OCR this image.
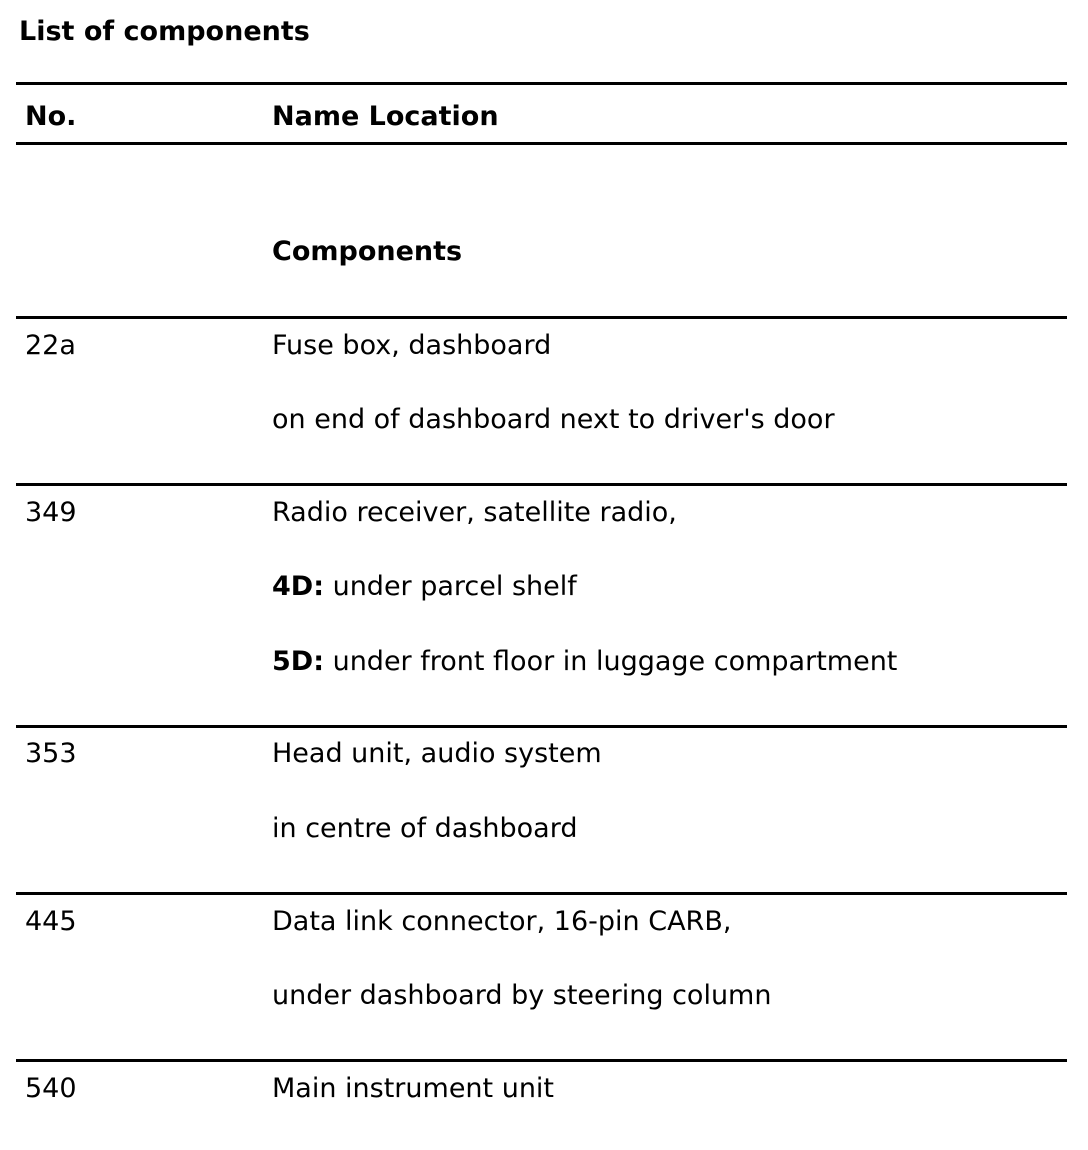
List of components
No.	Name Location
Components
22a	Fuse box, dashboard
on end of dashboard next to driver's door
349	Radio receiver, satellite radio,
4D: under parcel shelf
5D: under front floor in luggage compartment
353	Head unit, audio system
in centre of dashboard
445	Data link connector, 16-pin CARB,
under dashboard by steering column
540	Main instrument unit
